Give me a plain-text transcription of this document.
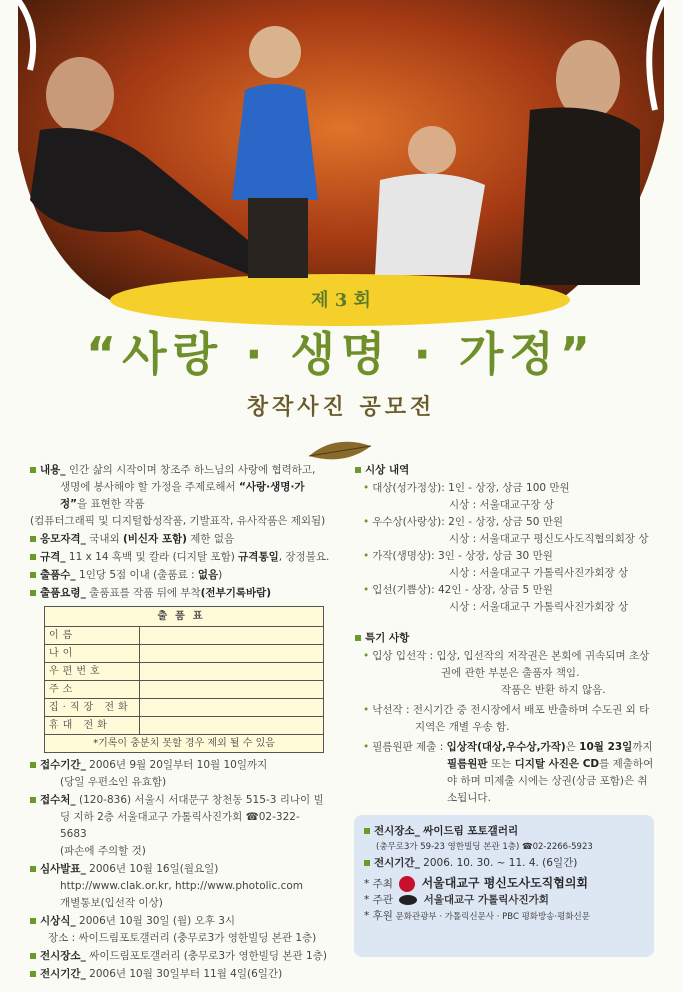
제 3 회
“사랑 · 생명 · 가정”
창작사진 공모전
내용_ 인간 삶의 시작이며 창조주 하느님의 사랑에 협력하고,
생명에 봉사해야 할 가정을 주제로해서 “사랑·생명·가
정”을 표현한 작품
(컴퓨터그래픽 및 디지털합성작품, 기발표작, 유사작품은 제외됨)
응모자격_ 국내외 (비신자 포함) 제한 없음
규격_ 11 x 14 흑백 및 칼라 (디지탈 포함) 규격통일, 장정불요.
출품수_ 1인당 5점 이내 (출품료 : 없음)
출품요령_ 출품표를 작품 뒤에 부착(전부기록바람)
출품표	
이름	
나이	
우편번호	
주소	
집·직장 전화	
휴대 전화	
*기록이 충분치 못할 경우 제외 될 수 있음	
접수기간_ 2006년 9월 20일부터 10월 10일까지
(당일 우편소인 유효함)
접수처_ (120-836) 서울시 서대문구 창천동 515-3 리나이 빌
딩 지하 2층 서울대교구 가톨릭사진가회 ☎02-322-
5683
(파손에 주의할 것)
심사발표_ 2006년 10월 16일(월요일)
http://www.clak.or.kr, http://www.photolic.com
개별통보(입선작 이상)
시상식_ 2006년 10월 30일 (월) 오후 3시
장소 : 싸이드림포토갤러리 (충무로3가 영한빌딩 본관 1층)
전시장소_ 싸이드림포토갤러리 (충무로3가 영한빌딩 본관 1층)
전시기간_ 2006년 10월 30일부터 11월 4일(6일간)
시상 내역
• 대상(성가정상): 1인 - 상장, 상금 100 만원
시상 : 서울대교구장 상
• 우수상(사랑상): 2인 - 상장, 상금 50 만원
시상 : 서울대교구 평신도사도직협의회장 상
• 가작(생명상): 3인 - 상장, 상금 30 만원
시상 : 서울대교구 가톨릭사진가회장 상
• 입선(기쁨상): 42인 - 상장, 상금 5 만원
시상 : 서울대교구 가톨릭사진가회장 상
특기 사항
• 입상 입선작 : 입상, 입선작의 저작권은 본회에 귀속되며 초상
권에 관한 부분은 출품자 책임.
작품은 반환 하지 않음.
• 낙선작 : 전시기간 중 전시장에서 배포 반출하며 수도권 외 타
지역은 개별 우송 함.
• 필름원판 제출 : 입상작(대상,우수상,가작)은 10월 23일까지
필름원판 또는 디지탈 사진은 CD를 제출하여
야 하며 미제출 시에는 상권(상금 포함)은 취
소됩니다.
전시장소_ 싸이드림 포토갤러리
(충무로3가 59-23 영한빌딩 본관 1층) ☎02-2266-5923
전시기간_ 2006. 10. 30. ~ 11. 4. (6일간)
* 주최 서울대교구 평신도사도직협의회
* 주관	서울대교구 가톨릭사진가회
* 후원 문화관광부 · 가톨릭신문사 · PBC 평화방송·평화신문
